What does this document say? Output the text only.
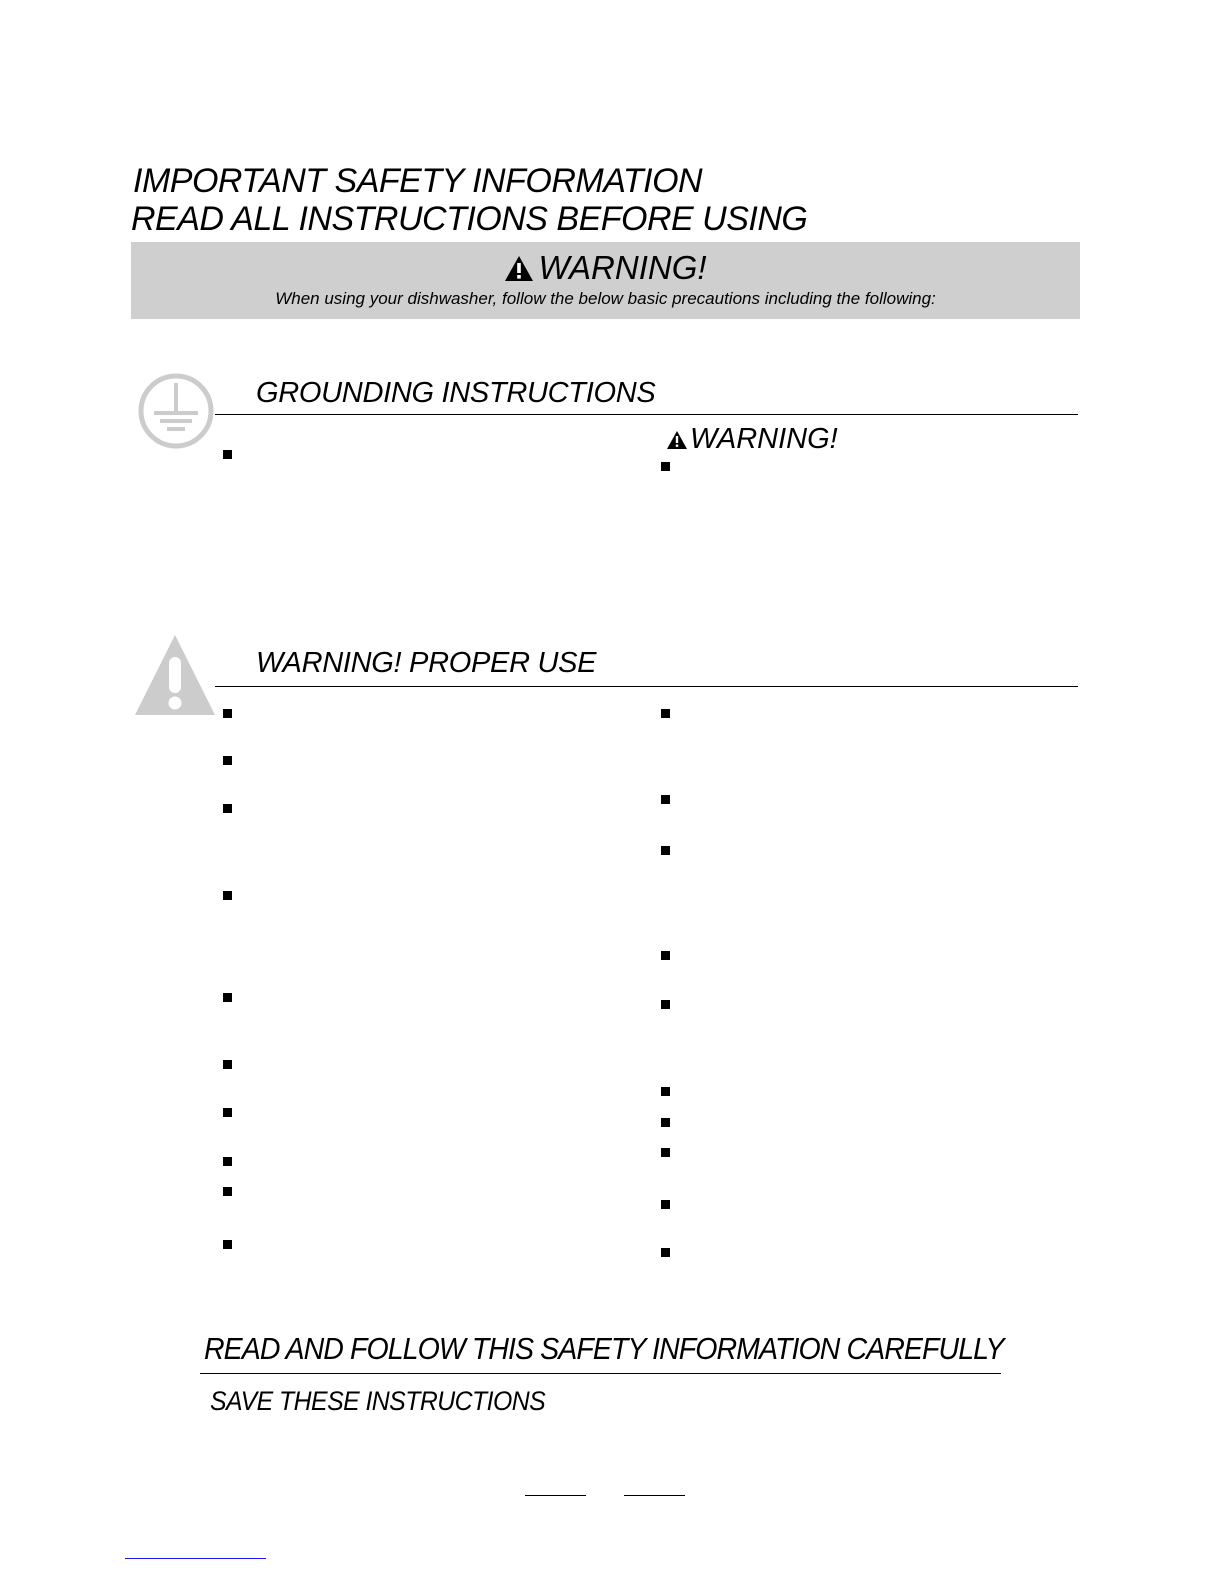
IMPORTANT SAFETY INFORMATION
READ ALL INSTRUCTIONS BEFORE USING
WARNING!
When using your dishwasher, follow the below basic precautions including the following:
GROUNDING INSTRUCTIONS
WARNING!
WARNING! PROPER USE
READ AND FOLLOW THIS SAFETY INFORMATION CAREFULLY
SAVE THESE INSTRUCTIONS
